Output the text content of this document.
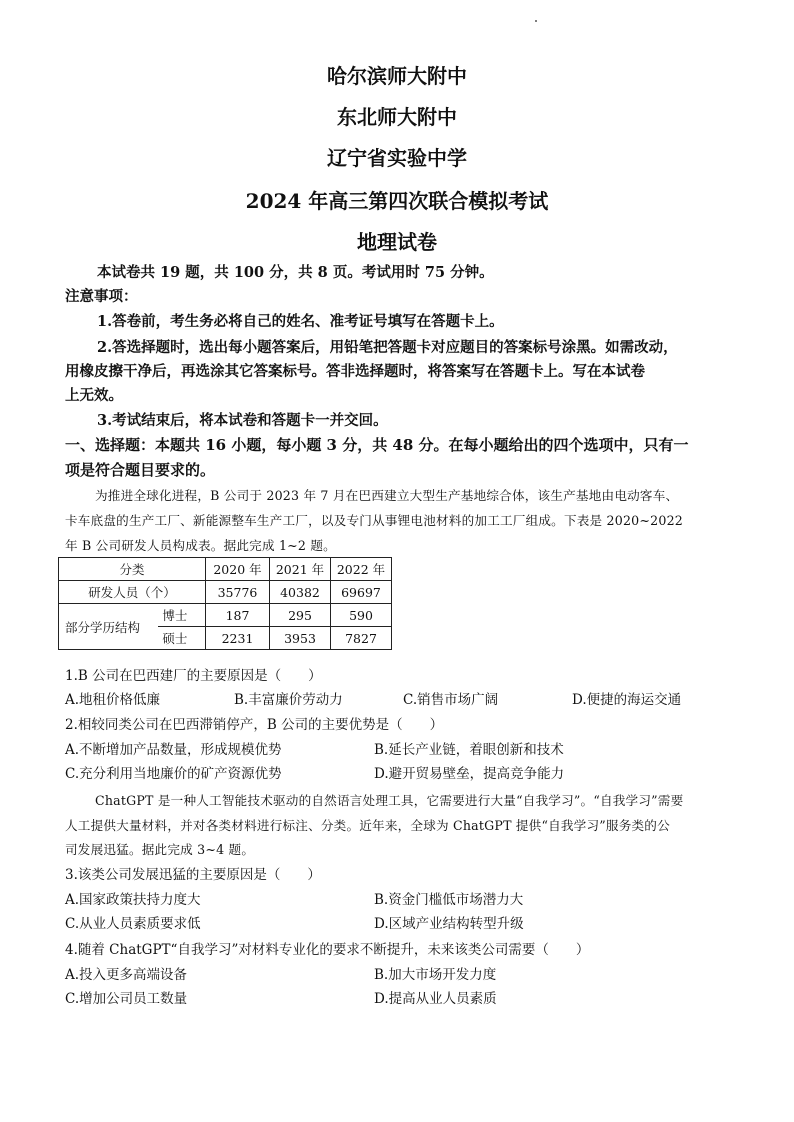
哈尔滨师大附中
东北师大附中
辽宁省实验中学
2024 年高三第四次联合模拟考试
地理试卷
本试卷共 19 题，共 100 分，共 8 页。考试用时 75 分钟。
注意事项：
1.答卷前，考生务必将自己的姓名、准考证号填写在答题卡上。
2.答选择题时，选出每小题答案后，用铅笔把答题卡对应题目的答案标号涂黑。如需改动，
用橡皮擦干净后，再选涂其它答案标号。答非选择题时，将答案写在答题卡上。写在本试卷
上无效。
3.考试结束后，将本试卷和答题卡一并交回。
一、选择题：本题共 16 小题，每小题 3 分，共 48 分。在每小题给出的四个选项中，只有一
项是符合题目要求的。
为推进全球化进程，B 公司于 2023 年 7 月在巴西建立大型生产基地综合体，该生产基地由电动客车、
卡车底盘的生产工厂、新能源整车生产工厂，以及专门从事锂电池材料的加工工厂组成。下表是 2020~2022
年 B 公司研发人员构成表。据此完成 1~2 题。
分类		2020 年	2021 年	2022 年
研发人员（个）		35776	40382	69697
部分学历结构	博士	187	295	590
	硕士	2231	3953	7827
1.B 公司在巴西建厂的主要原因是（　　）
A.地租价格低廉	B.丰富廉价劳动力	C.销售市场广阔	D.便捷的海运交通
2.相较同类公司在巴西滞销停产，B 公司的主要优势是（　　）
A.不断增加产品数量，形成规模优势	B.延长产业链，着眼创新和技术
C.充分利用当地廉价的矿产资源优势	D.避开贸易壁垒，提高竞争能力
ChatGPT 是一种人工智能技术驱动的自然语言处理工具，它需要进行大量“自我学习”。“自我学习”需要
人工提供大量材料，并对各类材料进行标注、分类。近年来，全球为 ChatGPT 提供“自我学习”服务类的公
司发展迅猛。据此完成 3~4 题。
3.该类公司发展迅猛的主要原因是（　　）
A.国家政策扶持力度大	B.资金门槛低市场潜力大
C.从业人员素质要求低	D.区域产业结构转型升级
4.随着 ChatGPT“自我学习”对材料专业化的要求不断提升，未来该类公司需要（　　）
A.投入更多高端设备	B.加大市场开发力度
C.增加公司员工数量	D.提高从业人员素质
